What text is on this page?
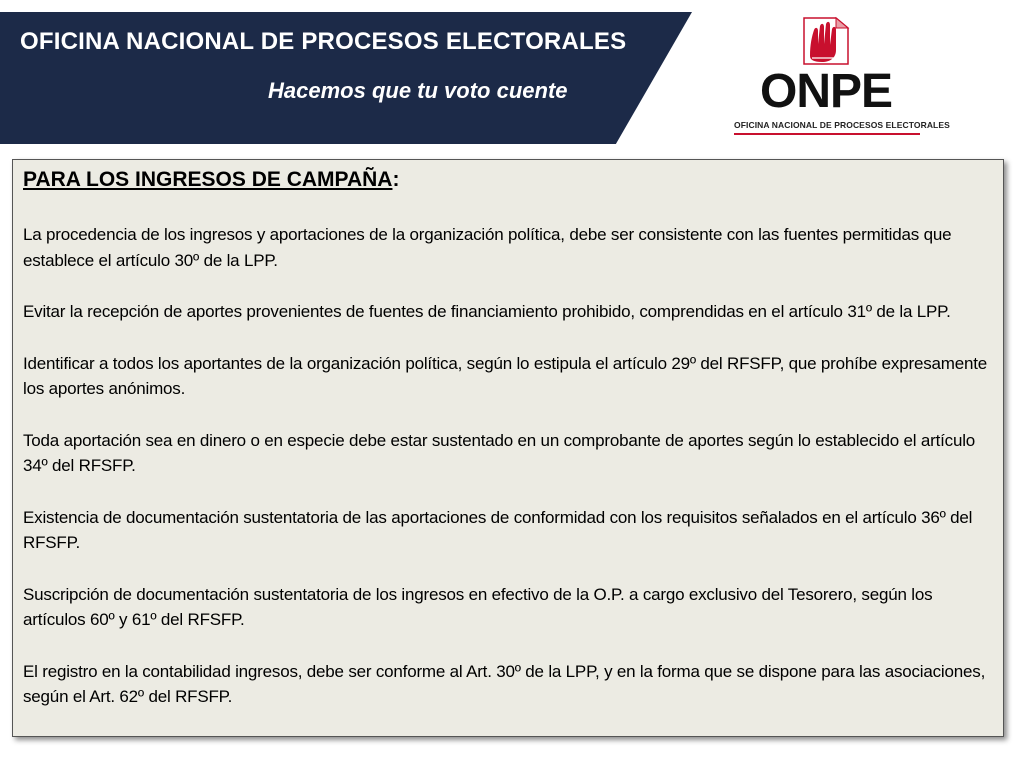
OFICINA NACIONAL DE PROCESOS ELECTORALES

Hacemos que tu voto cuente	ONPE

OFICINA NACIONAL DE PROCESOS ELECTORALES

PARA LOS INGRESOS DE CAMPAÑA:

La procedencia de los ingresos y aportaciones de la organización política, debe ser consistente con las fuentes permitidas que establece el artículo 30º de la LPP.

Evitar la recepción de aportes provenientes de fuentes de financiamiento prohibido, comprendidas en el artículo 31º de la LPP.

Identificar a todos los aportantes de la organización política, según lo estipula el artículo 29º del RFSFP, que prohíbe expresamente los aportes anónimos.

Toda aportación sea en dinero o en especie debe estar sustentado en un comprobante de aportes según lo establecido el artículo 34º del RFSFP.

Existencia de documentación sustentatoria de las aportaciones de conformidad con los requisitos señalados en el artículo 36º del RFSFP.

Suscripción de documentación sustentatoria de los ingresos en efectivo de la O.P. a cargo exclusivo del Tesorero, según los artículos 60º y 61º del RFSFP.

El registro en la contabilidad ingresos, debe ser conforme al Art. 30º de la LPP, y en la forma que se dispone para las asociaciones, según el Art. 62º del RFSFP.
